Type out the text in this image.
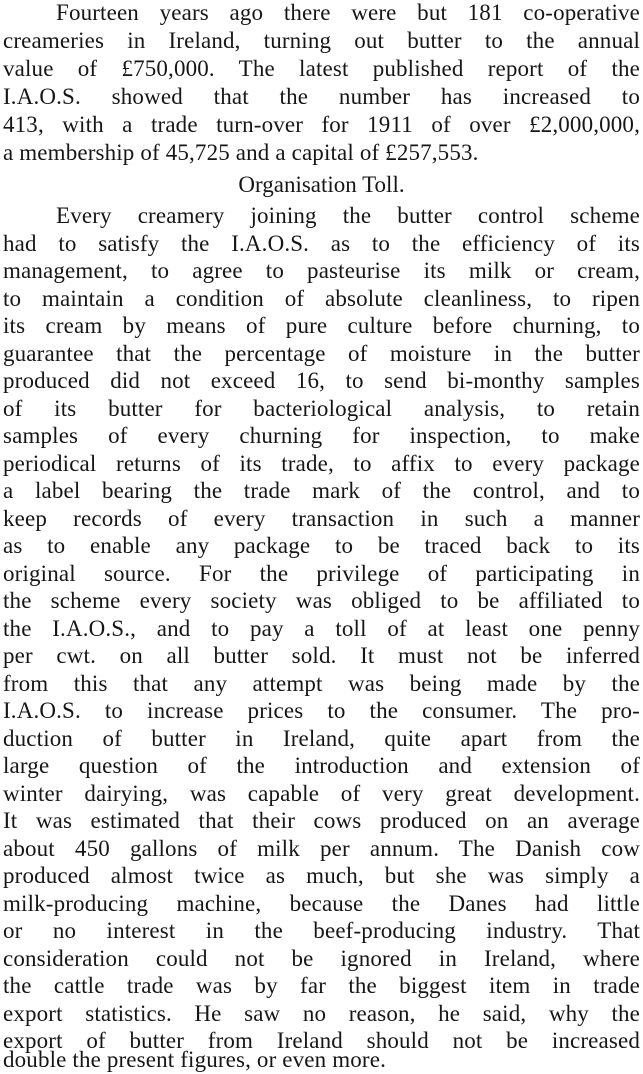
Fourteen years ago there were but 181 co-operative
creameries in Ireland, turning out butter to the annual
value of £750,000. The latest published report of the
I.A.O.S. showed that the number has increased to
413, with a trade turn-over for 1911 of over £2,000,000,
a membership of 45,725 and a capital of £257,553.
Organisation Toll.
Every creamery joining the butter control scheme
had to satisfy the I.A.O.S. as to the efficiency of its
management, to agree to pasteurise its milk or cream,
to maintain a condition of absolute cleanliness, to ripen
its cream by means of pure culture before churning, to
guarantee that the percentage of moisture in the butter
produced did not exceed 16, to send bi-monthy samples
of its butter for bacteriological analysis, to retain
samples of every churning for inspection, to make
periodical returns of its trade, to affix to every package
a label bearing the trade mark of the control, and to
keep records of every transaction in such a manner
as to enable any package to be traced back to its
original source. For the privilege of participating in
the scheme every society was obliged to be affiliated to
the I.A.O.S., and to pay a toll of at least one penny
per cwt. on all butter sold. It must not be inferred
from this that any attempt was being made by the
I.A.O.S. to increase prices to the consumer. The pro-
duction of butter in Ireland, quite apart from the
large question of the introduction and extension of
winter dairying, was capable of very great development.
It was estimated that their cows produced on an average
about 450 gallons of milk per annum. The Danish cow
produced almost twice as much, but she was simply a
milk-producing machine, because the Danes had little
or no interest in the beef-producing industry. That
consideration could not be ignored in Ireland, where
the cattle trade was by far the biggest item in trade
export statistics. He saw no reason, he said, why the
export of butter from Ireland should not be increased
double the present figures, or even more.
